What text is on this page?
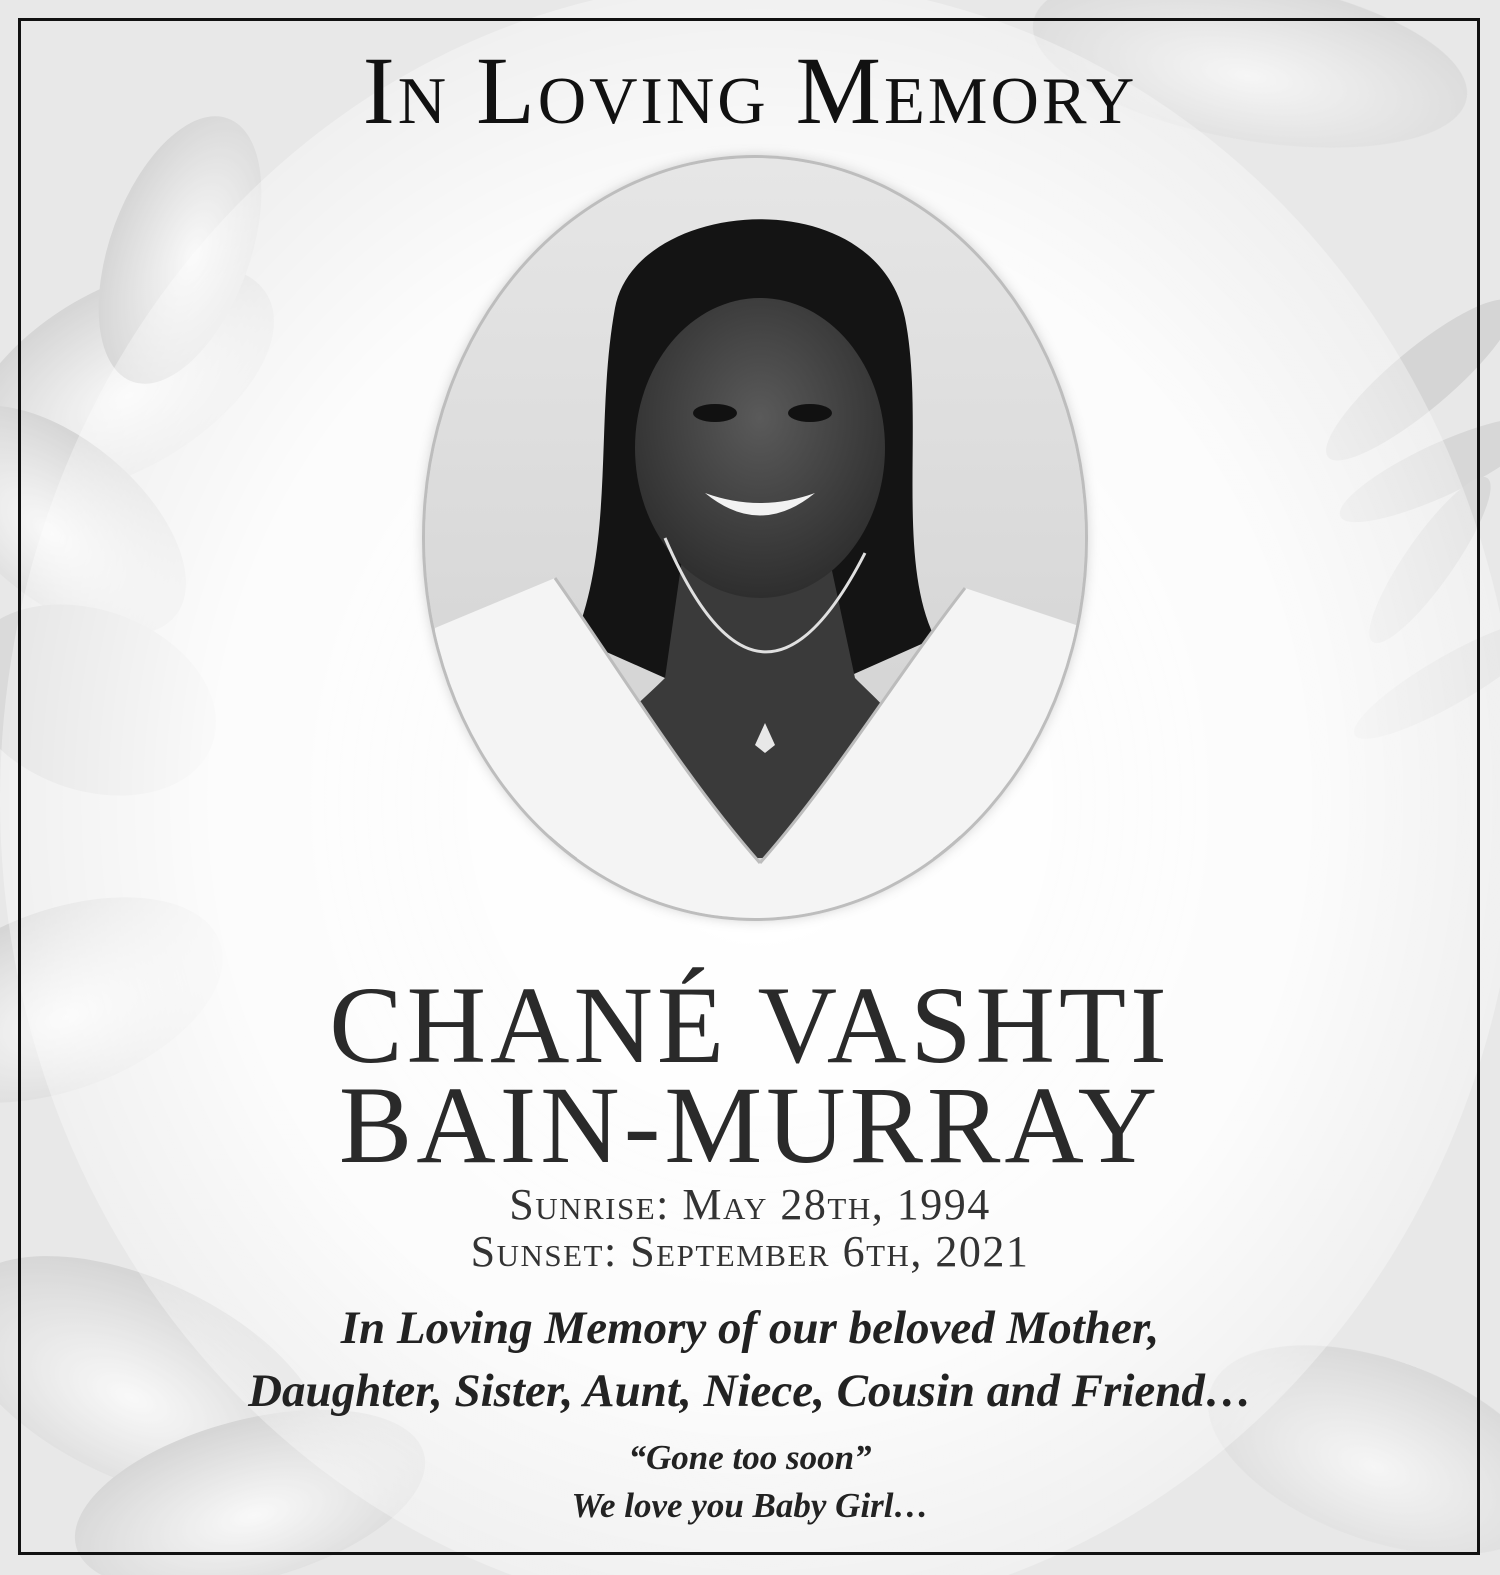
In Loving Memory
CHANÉ VASHTI
BAIN-MURRAY
Sunrise: May 28th, 1994
Sunset: September 6th, 2021
In Loving Memory of our beloved Mother,
Daughter, Sister, Aunt, Niece, Cousin and Friend…
“Gone too soon”
We love you Baby Girl…
